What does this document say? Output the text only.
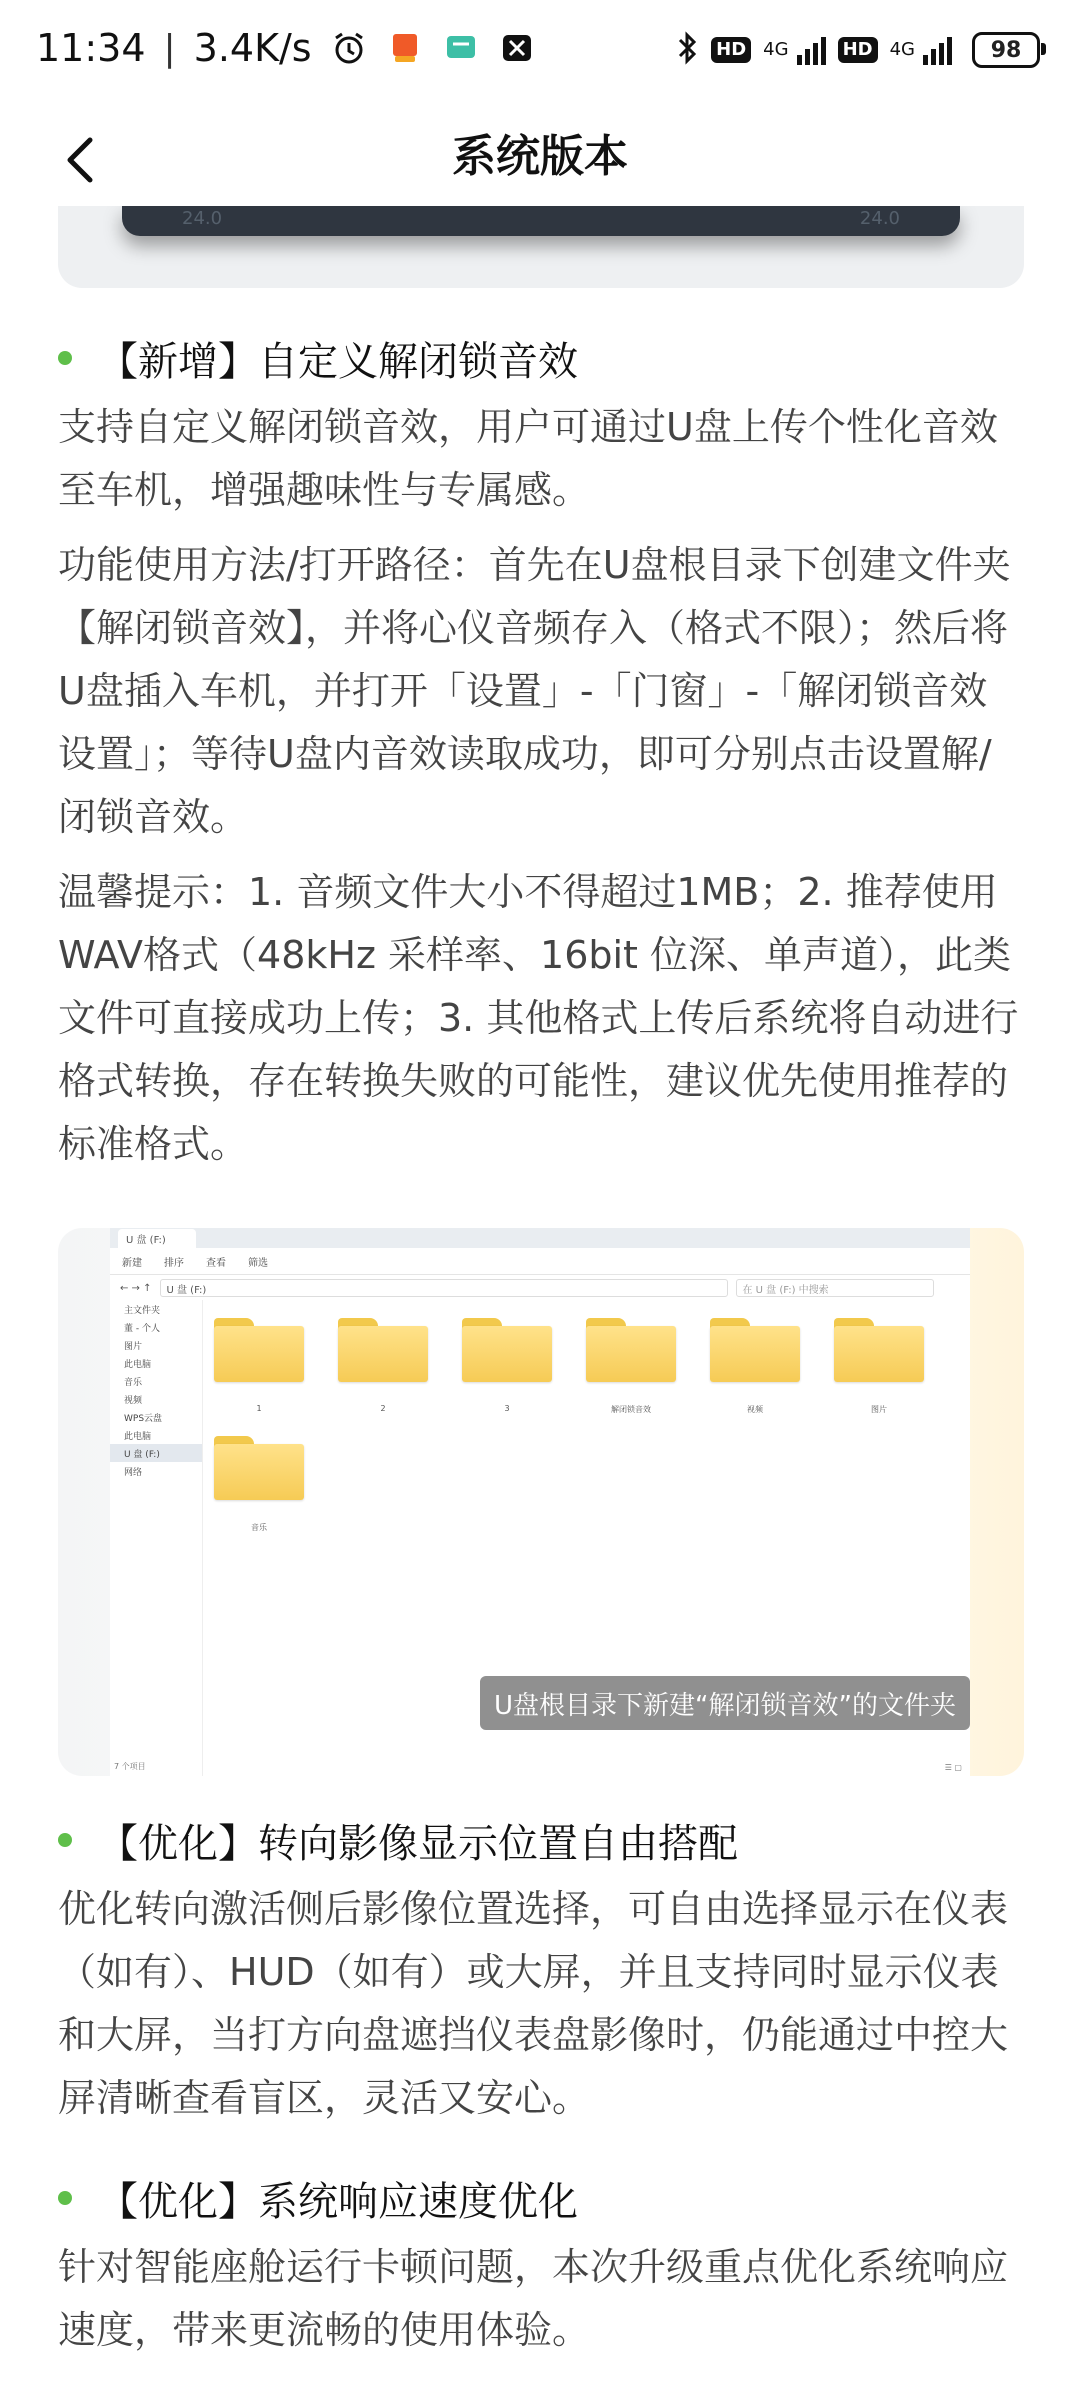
11:34 | 3.4K/s	HD 4G	HD 4G	98
系统版本
24.0	24.0
【新增】自定义解闭锁音效

支持自定义解闭锁音效，用户可通过U盘上传个性化音效至车机，增强趣味性与专属感。

功能使用方法/打开路径：首先在U盘根目录下创建文件夹【解闭锁音效】，并将心仪音频存入（格式不限）；然后将U盘插入车机，并打开「设置」-「门窗」-「解闭锁音效设置」；等待U盘内音效读取成功，即可分别点击设置解/闭锁音效。

温馨提示：1. 音频文件大小不得超过1MB；2. 推荐使用WAV格式（48kHz 采样率、16bit 位深、单声道），此类文件可直接成功上传；3. 其他格式上传后系统将自动进行格式转换，存在转换失败的可能性，建议优先使用推荐的标准格式。

U 盘 (F:)
新建 排序 查看 筛选
← → ↑	U 盘 (F:)	在 U 盘 (F:) 中搜索
主文件夹
董 - 个人
图片
此电脑
音乐
视频
WPS云盘
此电脑
U 盘 (F:)
网络
1	2	3	解闭锁音效	视频	图片
音乐
7 个项目	☰ ▢
U盘根目录下新建“解闭锁音效”的文件夹
【优化】转向影像显示位置自由搭配

优化转向激活侧后影像位置选择，可自由选择显示在仪表（如有）、HUD（如有）或大屏，并且支持同时显示仪表和大屏，当打方向盘遮挡仪表盘影像时，仍能通过中控大屏清晰查看盲区，灵活又安心。

【优化】系统响应速度优化

针对智能座舱运行卡顿问题，本次升级重点优化系统响应速度，带来更流畅的使用体验。
